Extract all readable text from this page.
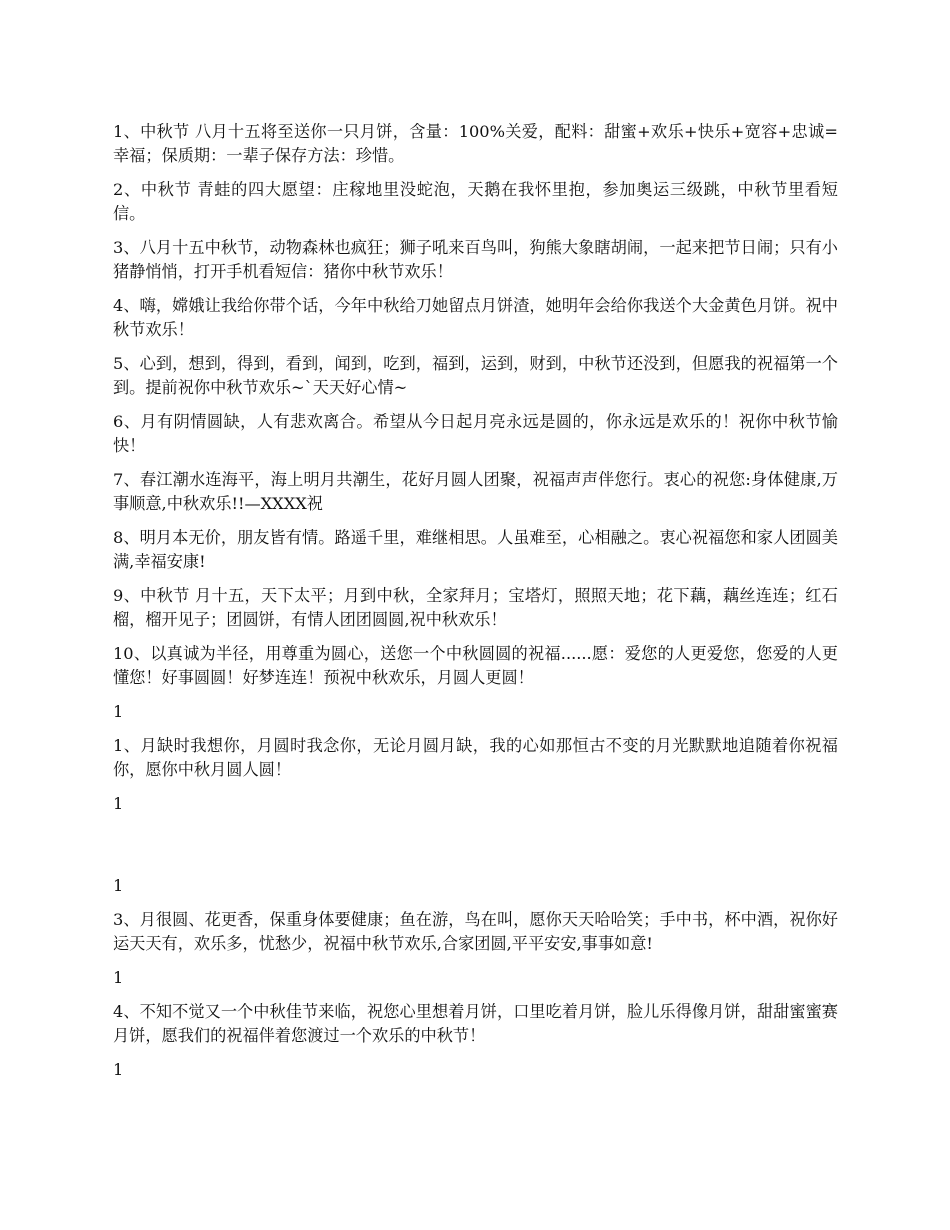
1、中秋节 八月十五将至送你一只月饼，含量：100%关爱，配料：甜蜜+欢乐+快乐+宽容+忠诚=幸福；保质期：一辈子保存方法：珍惜。

2、中秋节 青蛙的四大愿望：庄稼地里没蛇泡，天鹅在我怀里抱，参加奥运三级跳，中秋节里看短信。

3、八月十五中秋节，动物森林也疯狂；狮子吼来百鸟叫，狗熊大象瞎胡闹，一起来把节日闹；只有小猪静悄悄，打开手机看短信：猪你中秋节欢乐！

4、嗨，嫦娥让我给你带个话，今年中秋给刀她留点月饼渣，她明年会给你我送个大金黄色月饼。祝中秋节欢乐！

5、心到，想到，得到，看到，闻到，吃到，福到，运到，财到，中秋节还没到，但愿我的祝福第一个到。提前祝你中秋节欢乐~`天天好心情~

6、月有阴情圆缺，人有悲欢离合。希望从今日起月亮永远是圆的，你永远是欢乐的！祝你中秋节愉快！

7、春江潮水连海平，海上明月共潮生，花好月圆人团聚，祝福声声伴您行。衷心的祝您:身体健康,万事顺意,中秋欢乐!!—XXXX祝

8、明月本无价，朋友皆有情。路遥千里，难继相思。人虽难至，心相融之。衷心祝福您和家人团圆美满,幸福安康!

9、中秋节 月十五，天下太平；月到中秋，全家拜月；宝塔灯，照照天地；花下藕，藕丝连连；红石榴，榴开见子；团圆饼，有情人团团圆圆,祝中秋欢乐！

10、以真诚为半径，用尊重为圆心，送您一个中秋圆圆的祝福......愿：爱您的人更爱您，您爱的人更懂您！好事圆圆！好梦连连！预祝中秋欢乐，月圆人更圆！

1

1、月缺时我想你，月圆时我念你，无论月圆月缺，我的心如那恒古不变的月光默默地追随着你祝福你，愿你中秋月圆人圆！

1

1

3、月很圆、花更香，保重身体要健康；鱼在游，鸟在叫，愿你天天哈哈笑；手中书，杯中酒，祝你好运天天有，欢乐多，忧愁少，祝福中秋节欢乐,合家团圆,平平安安,事事如意!

1

4、不知不觉又一个中秋佳节来临，祝您心里想着月饼，口里吃着月饼，脸儿乐得像月饼，甜甜蜜蜜赛月饼，愿我们的祝福伴着您渡过一个欢乐的中秋节！

1
